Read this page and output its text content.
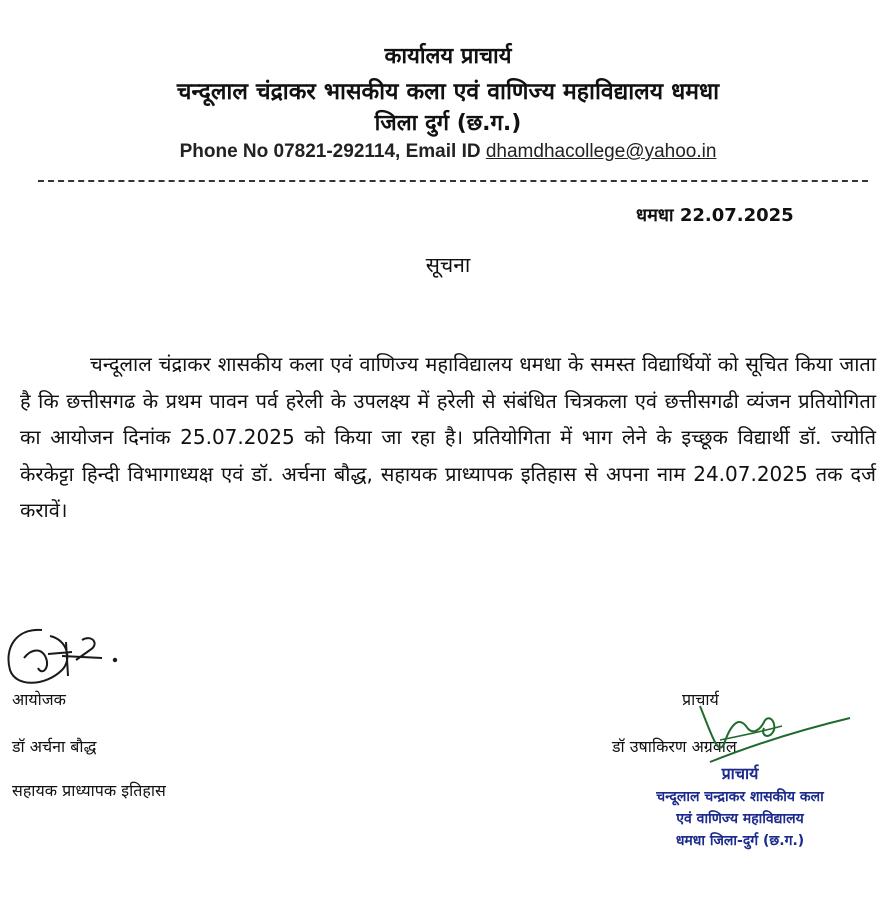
कार्यालय प्राचार्य
चन्दूलाल चंद्राकर भासकीय कला एवं वाणिज्य महाविद्यालय धमधा
जिला दुर्ग (छ.ग.)
Phone No 07821-292114, Email ID dhamdhacollege@yahoo.in
धमधा 22.07.2025
सूचना
चन्दूलाल चंद्राकर शासकीय कला एवं वाणिज्य महाविद्यालय धमधा के समस्त विद्यार्थियों को सूचित किया जाता है कि छत्तीसगढ के प्रथम पावन पर्व हरेली के उपलक्ष्य में हरेली से संबंधित चित्रकला एवं छत्तीसगढी व्यंजन प्रतियोगिता का आयोजन दिनांक 25.07.2025 को किया जा रहा है। प्रतियोगिता में भाग लेने के इच्छूक विद्यार्थी डॉ. ज्योति केरकेट्टा हिन्दी विभागाध्यक्ष एवं डॉ. अर्चना बौद्ध, सहायक प्राध्यापक इतिहास से अपना नाम 24.07.2025 तक दर्ज करावें।
आयोजक
डॉ अर्चना बौद्ध
सहायक प्राध्यापक इतिहास
प्राचार्य
डॉ उषाकिरण अग्रवाल
प्राचार्य
चन्दूलाल चन्द्राकर शासकीय कला
एवं वाणिज्य महाविद्यालय
धमधा जिला-दुर्ग (छ.ग.)
